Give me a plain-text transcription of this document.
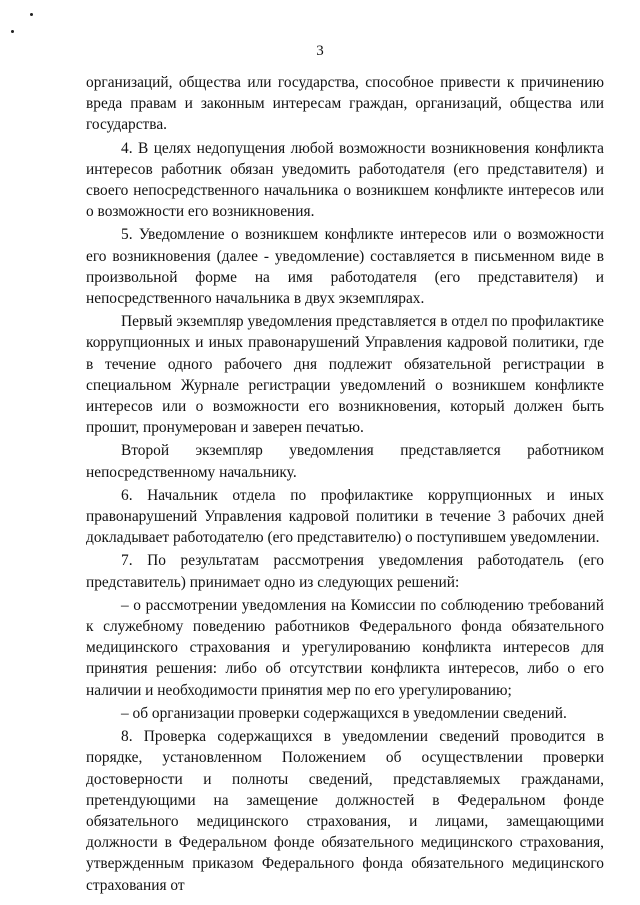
3

организаций, общества или государства, способное привести к причинению вреда правам и законным интересам граждан, организаций, общества или государства.

4. В целях недопущения любой возможности возникновения конфликта интересов работник обязан уведомить работодателя (его представителя) и своего непосредственного начальника о возникшем конфликте интересов или о возможности его возникновения.

5. Уведомление о возникшем конфликте интересов или о возможности его возникновения (далее - уведомление) составляется в письменном виде в произвольной форме на имя работодателя (его представителя) и непосредственного начальника в двух экземплярах.

Первый экземпляр уведомления представляется в отдел по профилактике коррупционных и иных правонарушений Управления кадровой политики, где в течение одного рабочего дня подлежит обязательной регистрации в специальном Журнале регистрации уведомлений о возникшем конфликте интересов или о возможности его возникновения, который должен быть прошит, пронумерован и заверен печатью.

Второй экземпляр уведомления представляется работником непосредственному начальнику.

6. Начальник отдела по профилактике коррупционных и иных правонарушений Управления кадровой политики в течение 3 рабочих дней докладывает работодателю (его представителю) о поступившем уведомлении.

7. По результатам рассмотрения уведомления работодатель (его представитель) принимает одно из следующих решений:

– о рассмотрении уведомления на Комиссии по соблюдению требований к служебному поведению работников Федерального фонда обязательного медицинского страхования и урегулированию конфликта интересов для принятия решения: либо об отсутствии конфликта интересов, либо о его наличии и необходимости принятия мер по его урегулированию;

– об организации проверки содержащихся в уведомлении сведений.

8. Проверка содержащихся в уведомлении сведений проводится в порядке, установленном Положением об осуществлении проверки достоверности и полноты сведений, представляемых гражданами, претендующими на замещение должностей в Федеральном фонде обязательного медицинского страхования, и лицами, замещающими должности в Федеральном фонде обязательного медицинского страхования, утвержденным приказом Федерального фонда обязательного медицинского страхования от
